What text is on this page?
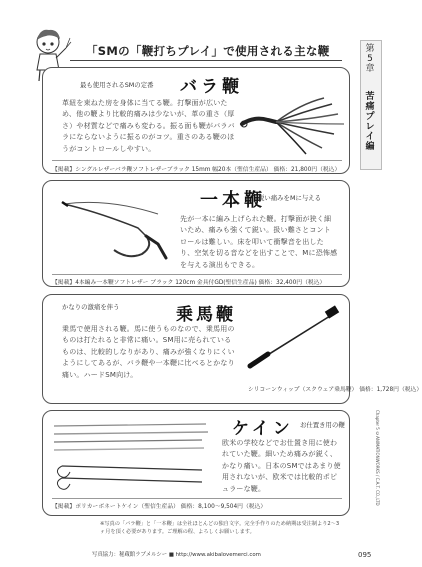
「SMの「鞭打ちプレイ」で使用される主な鞭	第5章
苦痛プレイ編
Chapter 5 ©ANIMATIONWORKS / C.A.T. CO.,LTD
最も使用されるSMの定番 バラ鞭
革紐を束ねた房を身体に当てる鞭。打撃面が広いため、他の鞭より比較的痛みは少ないが、革の重さ（厚さ）や材質などで痛みも変わる。振る面も鞭がバラバラにならないように振るのがコツ。重さのある鞭のほうがコントロールしやすい。
【掲載】シングルレザーバラ鞭ソフトレザーブラック 15mm 幅20本（聖信生産品） 価格：21,800円（税込）
一本鞭
鋭い痛みをMに与える
先が一本に編み上げられた鞭。打撃面が狭く細いため、痛みも強くて鋭い。扱い難さとコントロールは難しい。床を叩いて衝撃音を出したり、空気を切る音などを出すことで、Mに恐怖感を与える演出もできる。
【掲載】4本編み一本鞭ソフトレザー ブラック 120cm 金具付GD(聖信生産品) 価格：32,400円（税込）
かなりの激痛を伴う	乗馬鞭
乗馬で使用される鞭。馬に使うものなので、乗馬用のものは打たれると非常に痛い。SM用に売られているものは、比較的しなりがあり、痛みが強くなりにくいようにしてあるが、バラ鞭や一本鞭に比べるとかなり痛い。ハードSM向け。
シリコーンウィップ（スクウェア乗馬鞭） 価格：1,728円（税込）
ケイン お仕置き用の鞭
欧米の学校などでお仕置き用に使われていた鞭。細いため痛みが鋭く、かなり痛い。日本のSMではあまり使用されないが、欧米では比較的ポピュラーな鞭。
【掲載】ポリカーボネートケイン（聖信生産品） 価格：8,100～9,504円（税込）
※写真の「バラ鞭」と「一本鞭」は全社ほとんどの独自文字。完全手作りのため納期は受注制より2～3ヶ月を頂く必要があります。ご理解の程、よろしくお願いします。
写真協力：秘蔵館ラブメルシー ■ http://www.akibalovemerci.com	095
